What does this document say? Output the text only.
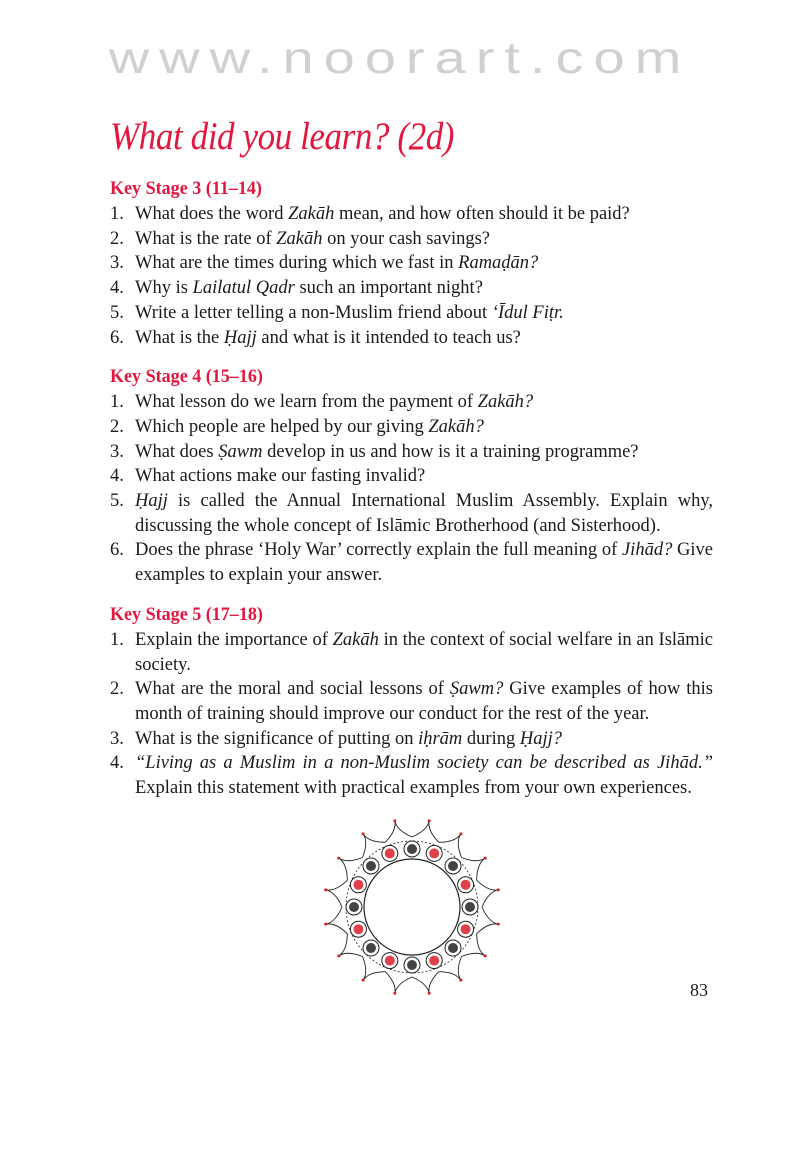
www.noorart.com
What did you learn? (2d)
Key Stage 3 (11–14)
1. What does the word Zakāh mean, and how often should it be paid?
2. What is the rate of Zakāh on your cash savings?
3. What are the times during which we fast in Ramaḍān?
4. Why is Lailatul Qadr such an important night?
5. Write a letter telling a non-Muslim friend about ‘Īdul Fiṭr.
6. What is the Ḥajj and what is it intended to teach us?
Key Stage 4 (15–16)
1. What lesson do we learn from the payment of Zakāh?
2. Which people are helped by our giving Zakāh?
3. What does Ṣawm develop in us and how is it a training programme?
4. What actions make our fasting invalid?
5. Ḥajj is called the Annual International Muslim Assembly. Explain why, discussing the whole concept of Islāmic Brotherhood (and Sisterhood).
6. Does the phrase ‘Holy War’ correctly explain the full meaning of Jihād? Give examples to explain your answer.
Key Stage 5 (17–18)
1. Explain the importance of Zakāh in the context of social welfare in an Islāmic society.
2. What are the moral and social lessons of Ṣawm? Give examples of how this month of training should improve our conduct for the rest of the year.
3. What is the significance of putting on iḥrām during Ḥajj?
4. “Living as a Muslim in a non-Muslim society can be described as Jihād.” Explain this statement with practical examples from your own experiences.
83
